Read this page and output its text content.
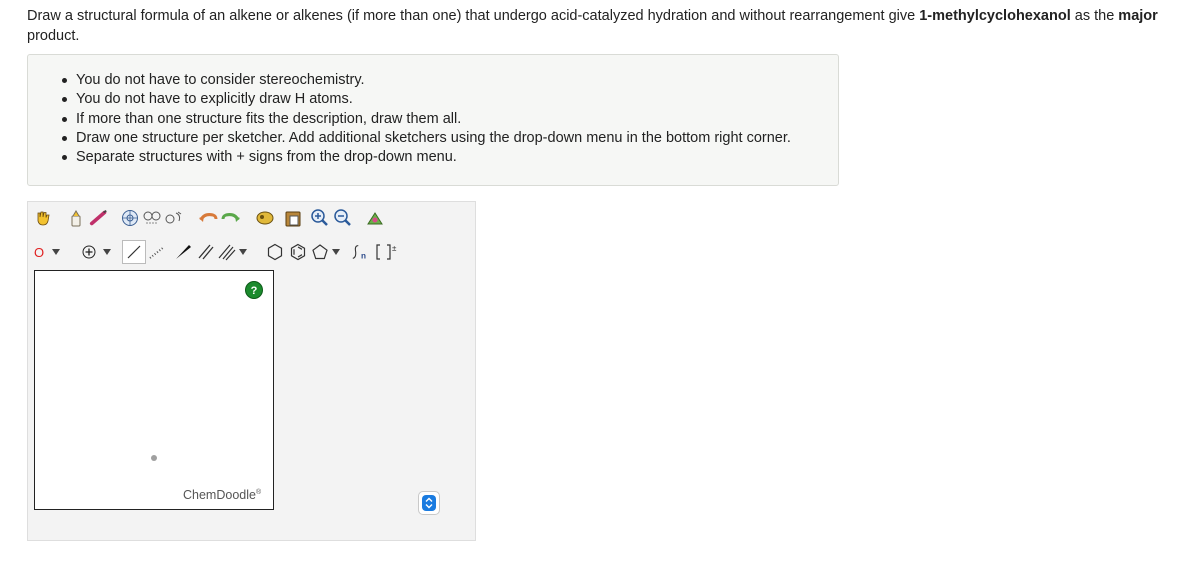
Draw a structural formula of an alkene or alkenes (if more than one) that undergo acid-catalyzed hydration and without rearrangement give 1-methylcyclohexanol as the major product.
You do not have to consider stereochemistry.
You do not have to explicitly draw H atoms.
If more than one structure fits the description, draw them all.
Draw one structure per sketcher. Add additional sketchers using the drop-down menu in the bottom right corner.
Separate structures with + signs from the drop-down menu.
O	n
±
?
ChemDoodle®
